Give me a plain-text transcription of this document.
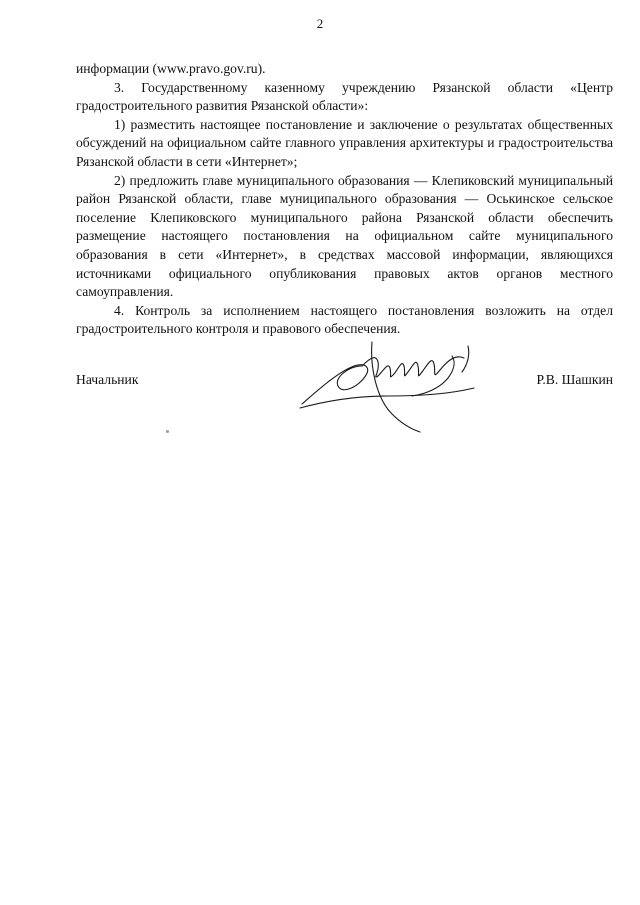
2

информации (www.pravo.gov.ru).

3. Государственному казенному учреждению Рязанской области «Центр градостроительного развития Рязанской области»:

1) разместить настоящее постановление и заключение о результатах общественных обсуждений на официальном сайте главного управления архитектуры и градостроительства Рязанской области в сети «Интернет»;

2) предложить главе муниципального образования — Клепиковский муниципальный район Рязанской области, главе муниципального образования — Оськинское сельское поселение Клепиковского муниципального района Рязанской области обеспечить размещение настоящего постановления на официальном сайте муниципального образования в сети «Интернет», в средствах массовой информации, являющихся источниками официального опубликования правовых актов органов местного самоуправления.

4. Контроль за исполнением настоящего постановления возложить на отдел градостроительного контроля и правового обеспечения.

Начальник	Р.В. Шашкин
